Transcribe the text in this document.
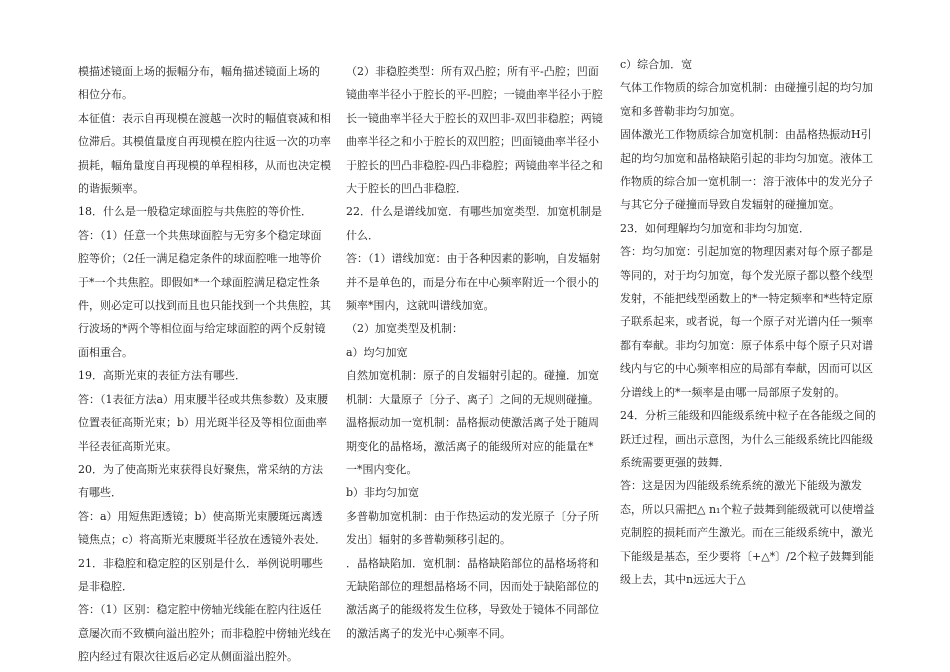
模描述镜面上场的振幅分布，幅角描述镜面上场的

相位分布。

本征值：表示自再现模在渡越一次时的幅值衰减和相位滞后。其模值量度自再现模在腔内往返一次的功率损耗，幅角量度自再现模的单程相移，从而也决定模的谐振频率。

18．什么是一般稳定球面腔与共焦腔的等价性．

答：（1）任意一个共焦球面腔与无穷多个稳定球面腔等价；（2任一满足稳定条件的球面腔唯一地等价于*一个共焦腔。即假如*一个球面腔满足稳定性条件，则必定可以找到而且也只能找到一个共焦腔，其行波场的*两个等相位面与给定球面腔的两个反射镜面相重合。

19．高斯光束的表征方法有哪些．

答：（1表征方法a）用束腰半径或共焦参数）及束腰位置表征高斯光束；b）用光斑半径及等相位面曲率半径表征高斯光束。

20．为了使高斯光束获得良好聚焦，常采纳的方法有哪些．

答：a）用短焦距透镜；b）使高斯光束腰斑远离透镜焦点；c）将高斯光束腰斑半径放在透镜外表处．

21．非稳腔和稳定腔的区别是什么．举例说明哪些是非稳腔．

答：（1）区别：稳定腔中傍轴光线能在腔内往返任意屡次而不致横向溢出腔外；而非稳腔中傍轴光线在腔内经过有限次往返后必定从侧面溢出腔外。

（2）非稳腔类型：所有双凸腔；所有平-凸腔；凹面镜曲率半径小于腔长的平-凹腔；一镜曲率半径小于腔长一镜曲率半径大于腔长的双凹非-双凹非稳腔；两镜曲率半径之和小于腔长的双凹腔；凹面镜曲率半径小于腔长的凹凸非稳腔-四凸非稳腔；两镜曲率半径之和大于腔长的凹凸非稳腔．

22．什么是谱线加宽．有哪些加宽类型．加宽机制是什么．

答：（1）谱线加宽：由于各种因素的影响，自发辐射并不是单色的，而是分布在中心频率附近一个很小的频率*围内，这就叫谱线加宽。

（2）加宽类型及机制：

a）均匀加宽

自然加宽机制：原子的自发辐射引起的。碰撞．加宽机制：大量原子〔分子、离子〕之间的无规则碰撞。温格振动加一宽机制：晶格振动使激活离子处于随周期变化的晶格场，激活离子的能级所对应的能量在*一*围内变化。

b）非均匀加宽

多普勒加宽机制：由于作热运动的发光原子〔分子所发出〕辐射的多普勒频移引起的。

．晶格缺陷加．宽机制：晶格缺陷部位的晶格场将和无缺陷部位的理想晶格场不同，因而处于缺陷部位的激活离子的能级将发生位移，导致处于镜体不同部位的激活离子的发光中心频率不同。

c）综合加．宽

气体工作物质的综合加宽机制：由碰撞引起的均匀加宽和多普勒非均匀加宽。

固体激光工作物质综合加宽机制：由晶格热振动H引起的均匀加宽和晶格缺陷引起的非均匀加宽。液体工作物质的综合加一宽机制一：溶于液体中的发光分子与其它分子碰撞而导致自发辐射的碰撞加宽。

23．如何理解均匀加宽和非均匀加宽．

答：均匀加宽：引起加宽的物理因素对每个原子都是等同的，对于均匀加宽，每个发光原子都以整个线型发射，不能把线型函数上的*一特定频率和*些特定原子联系起来，或者说，每一个原子对光谱内任一频率都有奉献。非均匀加宽：原子体系中每个原子只对谱线内与它的中心频率相应的局部有奉献，因而可以区分谱线上的*一频率是由哪一局部原子发射的。

24．分析三能级和四能级系统中粒子在各能级之间的跃迁过程，画出示意图，为什么三能级系统比四能级系统需要更强的鼓舞．

答：这是因为四能级系统系统的激光下能级为激发态，所以只需把△ n₁个粒子鼓舞到能级就可以使增益克制腔的损耗而产生激光。而在三能级系统中，激光下能级是基态，至少要将〔+△*〕/2个粒子鼓舞到能级上去，其中n远远大于△
